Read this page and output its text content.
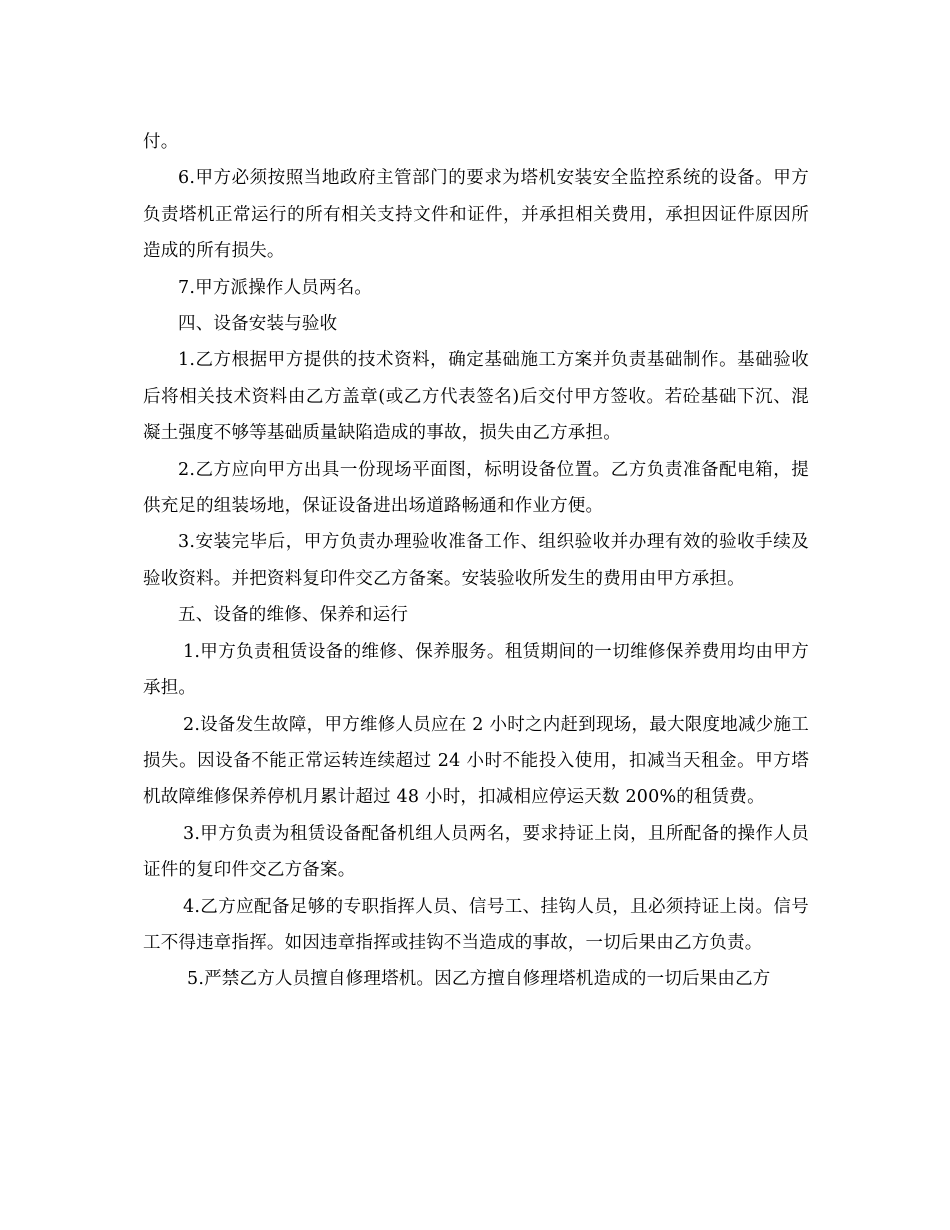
付。

6.甲方必须按照当地政府主管部门的要求为塔机安装安全监控系统的设备。甲方负责塔机正常运行的所有相关支持文件和证件，并承担相关费用，承担因证件原因所造成的所有损失。

7.甲方派操作人员两名。

四、设备安装与验收

1.乙方根据甲方提供的技术资料，确定基础施工方案并负责基础制作。基础验收后将相关技术资料由乙方盖章(或乙方代表签名)后交付甲方签收。若砼基础下沉、混凝土强度不够等基础质量缺陷造成的事故，损失由乙方承担。

2.乙方应向甲方出具一份现场平面图，标明设备位置。乙方负责准备配电箱，提供充足的组装场地，保证设备进出场道路畅通和作业方便。

3.安装完毕后，甲方负责办理验收准备工作、组织验收并办理有效的验收手续及验收资料。并把资料复印件交乙方备案。安装验收所发生的费用由甲方承担。

五、设备的维修、保养和运行

1.甲方负责租赁设备的维修、保养服务。租赁期间的一切维修保养费用均由甲方承担。

2.设备发生故障，甲方维修人员应在 2 小时之内赶到现场，最大限度地减少施工损失。因设备不能正常运转连续超过 24 小时不能投入使用，扣减当天租金。甲方塔机故障维修保养停机月累计超过 48 小时，扣减相应停运天数 200%的租赁费。

3.甲方负责为租赁设备配备机组人员两名，要求持证上岗，且所配备的操作人员证件的复印件交乙方备案。

4.乙方应配备足够的专职指挥人员、信号工、挂钩人员，且必须持证上岗。信号工不得违章指挥。如因违章指挥或挂钩不当造成的事故，一切后果由乙方负责。

5.严禁乙方人员擅自修理塔机。因乙方擅自修理塔机造成的一切后果由乙方
